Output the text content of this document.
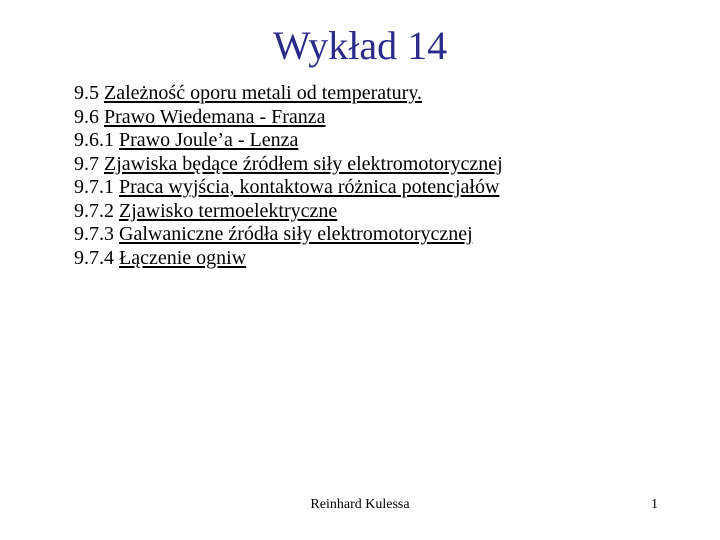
Wykład 14
9.5 Zależność oporu metali od temperatury.
9.6 Prawo Wiedemana - Franza
9.6.1 Prawo Joule’a - Lenza
9.7 Zjawiska będące źródłem siły elektromotorycznej
9.7.1 Praca wyjścia, kontaktowa różnica potencjałów
9.7.2 Zjawisko termoelektryczne
9.7.3 Galwaniczne źródła siły elektromotorycznej
9.7.4 Łączenie ogniw
Reinhard Kulessa	1
